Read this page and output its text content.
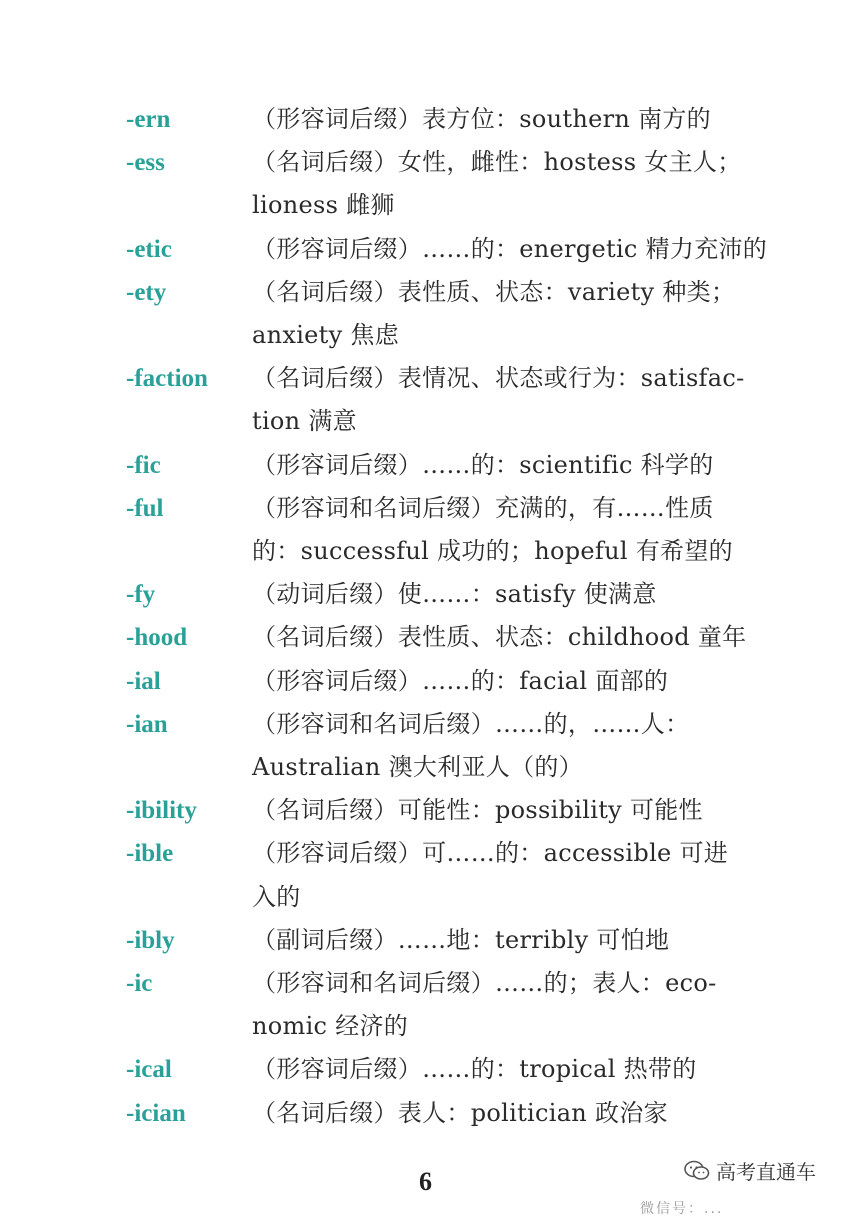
-ern	（形容词后缀）表方位：southern 南方的
-ess	（名词后缀）女性，雌性：hostess 女主人；
lioness 雌狮
-etic	（形容词后缀）……的：energetic 精力充沛的
-ety	（名词后缀）表性质、状态：variety 种类；
anxiety 焦虑
-faction	（名词后缀）表情况、状态或行为：satisfac-
tion 满意
-fic	（形容词后缀）……的：scientific 科学的
-ful	（形容词和名词后缀）充满的，有……性质
的：successful 成功的；hopeful 有希望的
-fy	（动词后缀）使……：satisfy 使满意
-hood	（名词后缀）表性质、状态：childhood 童年
-ial	（形容词后缀）……的：facial 面部的
-ian	（形容词和名词后缀）……的，……人：
Australian 澳大利亚人（的）
-ibility	（名词后缀）可能性：possibility 可能性
-ible	（形容词后缀）可……的：accessible 可进
入的
-ibly	（副词后缀）……地：terribly 可怕地
-ic	（形容词和名词后缀）……的；表人：eco-
nomic 经济的
-ical	（形容词后缀）……的：tropical 热带的
-ician	（名词后缀）表人：politician 政治家
6	高考直通车
微信号：...
